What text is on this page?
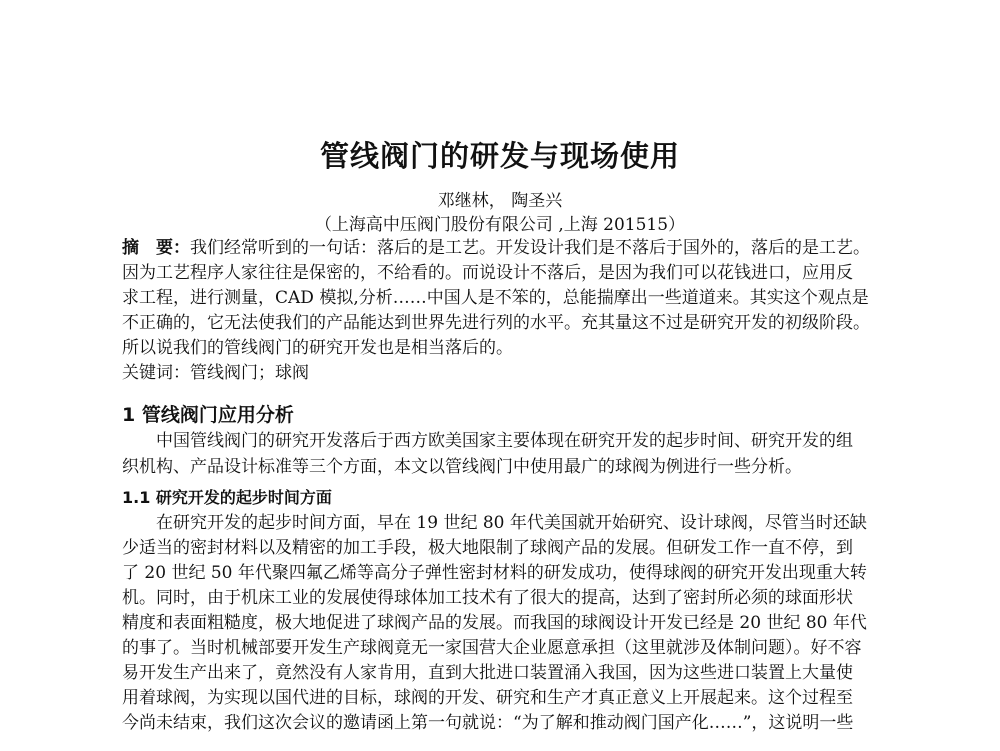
管线阀门的研发与现场使用
邓继林， 陶圣兴
（上海高中压阀门股份有限公司 ,上海 201515）
摘　要：我们经常听到的一句话：落后的是工艺。开发设计我们是不落后于国外的，落后的是工艺。
因为工艺程序人家往往是保密的，不给看的。而说设计不落后，是因为我们可以花钱进口，应用反
求工程，进行测量，CAD 模拟,分析……中国人是不笨的，总能揣摩出一些道道来。其实这个观点是
不正确的，它无法使我们的产品能达到世界先进行列的水平。充其量这不过是研究开发的初级阶段。
所以说我们的管线阀门的研究开发也是相当落后的。
关键词：管线阀门；球阀
1 管线阀门应用分析
中国管线阀门的研究开发落后于西方欧美国家主要体现在研究开发的起步时间、研究开发的组
织机构、产品设计标准等三个方面，本文以管线阀门中使用最广的球阀为例进行一些分析。
1.1 研究开发的起步时间方面
在研究开发的起步时间方面，早在 19 世纪 80 年代美国就开始研究、设计球阀，尽管当时还缺
少适当的密封材料以及精密的加工手段，极大地限制了球阀产品的发展。但研发工作一直不停，到
了 20 世纪 50 年代聚四氟乙烯等高分子弹性密封材料的研发成功，使得球阀的研究开发出现重大转
机。同时，由于机床工业的发展使得球体加工技术有了很大的提高，达到了密封所必须的球面形状
精度和表面粗糙度，极大地促进了球阀产品的发展。而我国的球阀设计开发已经是 20 世纪 80 年代
的事了。当时机械部要开发生产球阀竟无一家国营大企业愿意承担（这里就涉及体制问题）。好不容
易开发生产出来了，竟然没有人家肯用，直到大批进口装置涌入我国，因为这些进口装置上大量使
用着球阀，为实现以国代进的目标，球阀的开发、研究和生产才真正意义上开展起来。这个过程至
今尚未结束，我们这次会议的邀请函上第一句就说：“为了解和推动阀门国产化……”，这说明一些
